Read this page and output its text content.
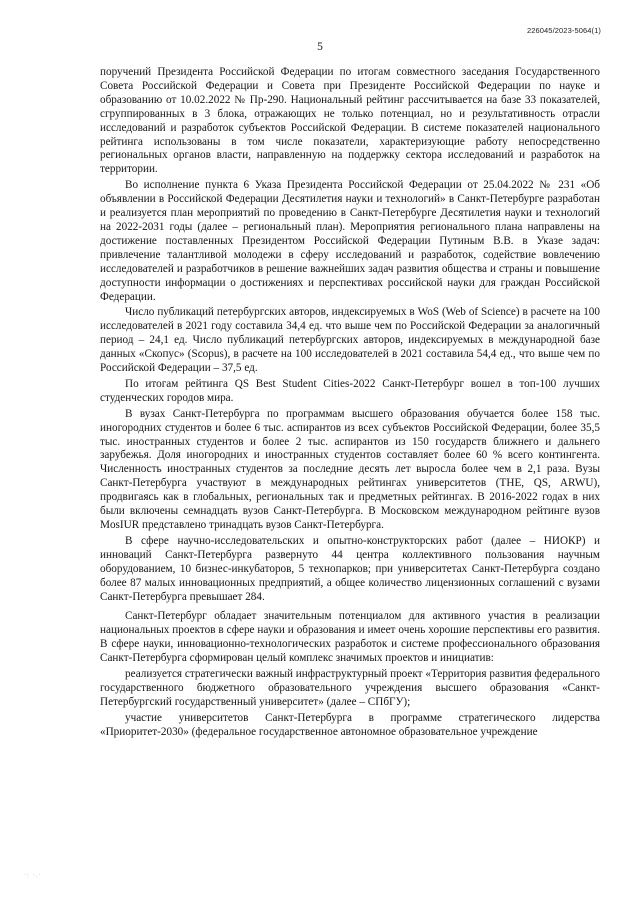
226045/2023-5064(1)
5

поручений Президента Российской Федерации по итогам совместного заседания Государственного Совета Российской Федерации и Совета при Президенте Российской Федерации по науке и образованию от 10.02.2022 № Пр-290. Национальный рейтинг рассчитывается на базе 33 показателей, сгруппированных в 3 блока, отражающих не только потенциал, но и результативность отрасли исследований и разработок субъектов Российской Федерации. В системе показателей национального рейтинга использованы в том числе показатели, характеризующие работу непосредственно региональных органов власти, направленную на поддержку сектора исследований и разработок на территории.

Во исполнение пункта 6 Указа Президента Российской Федерации от 25.04.2022 № 231 «Об объявлении в Российской Федерации Десятилетия науки и технологий» в Санкт-Петербурге разработан и реализуется план мероприятий по проведению в Санкт-Петербурге Десятилетия науки и технологий на 2022-2031 годы (далее – региональный план). Мероприятия регионального плана направлены на достижение поставленных Президентом Российской Федерации Путиным В.В. в Указе задач: привлечение талантливой молодежи в сферу исследований и разработок, содействие вовлечению исследователей и разработчиков в решение важнейших задач развития общества и страны и повышение доступности информации о достижениях и перспективах российской науки для граждан Российской Федерации.

Число публикаций петербургских авторов, индексируемых в WoS (Web of Science) в расчете на 100 исследователей в 2021 году составила 34,4 ед. что выше чем по Российской Федерации за аналогичный период – 24,1 ед. Число публикаций петербургских авторов, индексируемых в международной базе данных «Скопус» (Scopus), в расчете на 100 исследователей в 2021 составила 54,4 ед., что выше чем по Российской Федерации – 37,5 ед.

По итогам рейтинга QS Best Student Cities-2022 Санкт-Петербург вошел в топ-100 лучших студенческих городов мира.

В вузах Санкт-Петербурга по программам высшего образования обучается более 158 тыс. иногородних студентов и более 6 тыс. аспирантов из всех субъектов Российской Федерации, более 35,5 тыс. иностранных студентов и более 2 тыс. аспирантов из 150 государств ближнего и дальнего зарубежья. Доля иногородних и иностранных студентов составляет более 60 % всего контингента. Численность иностранных студентов за последние десять лет выросла более чем в 2,1 раза. Вузы Санкт-Петербурга участвуют в международных рейтингах университетов (THE, QS, ARWU), продвигаясь как в глобальных, региональных так и предметных рейтингах. В 2016-2022 годах в них были включены семнадцать вузов Санкт-Петербурга. В Московском международном рейтинге вузов MosIUR представлено тринадцать вузов Санкт-Петербурга.

В сфере научно-исследовательских и опытно-конструкторских работ (далее – НИОКР) и инноваций Санкт-Петербурга развернуто 44 центра коллективного пользования научным оборудованием, 10 бизнес-инкубаторов, 5 технопарков; при университетах Санкт-Петербурга создано более 87 малых инновационных предприятий, а общее количество лицензионных соглашений с вузами Санкт-Петербурга превышает 284.

Санкт-Петербург обладает значительным потенциалом для активного участия в реализации национальных проектов в сфере науки и образования и имеет очень хорошие перспективы его развития. В сфере науки, инновационно-технологических разработок и системе профессионального образования Санкт-Петербурга сформирован целый комплекс значимых проектов и инициатив:

реализуется стратегически важный инфраструктурный проект «Территория развития федерального государственного бюджетного образовательного учреждения высшего образования «Санкт-Петербургский государственный университет» (далее – СПбГУ);

участие университетов Санкт-Петербурга в программе стратегического лидерства «Приоритет-2030» (федеральное государственное автономное образовательное учреждение

·: ·.·
